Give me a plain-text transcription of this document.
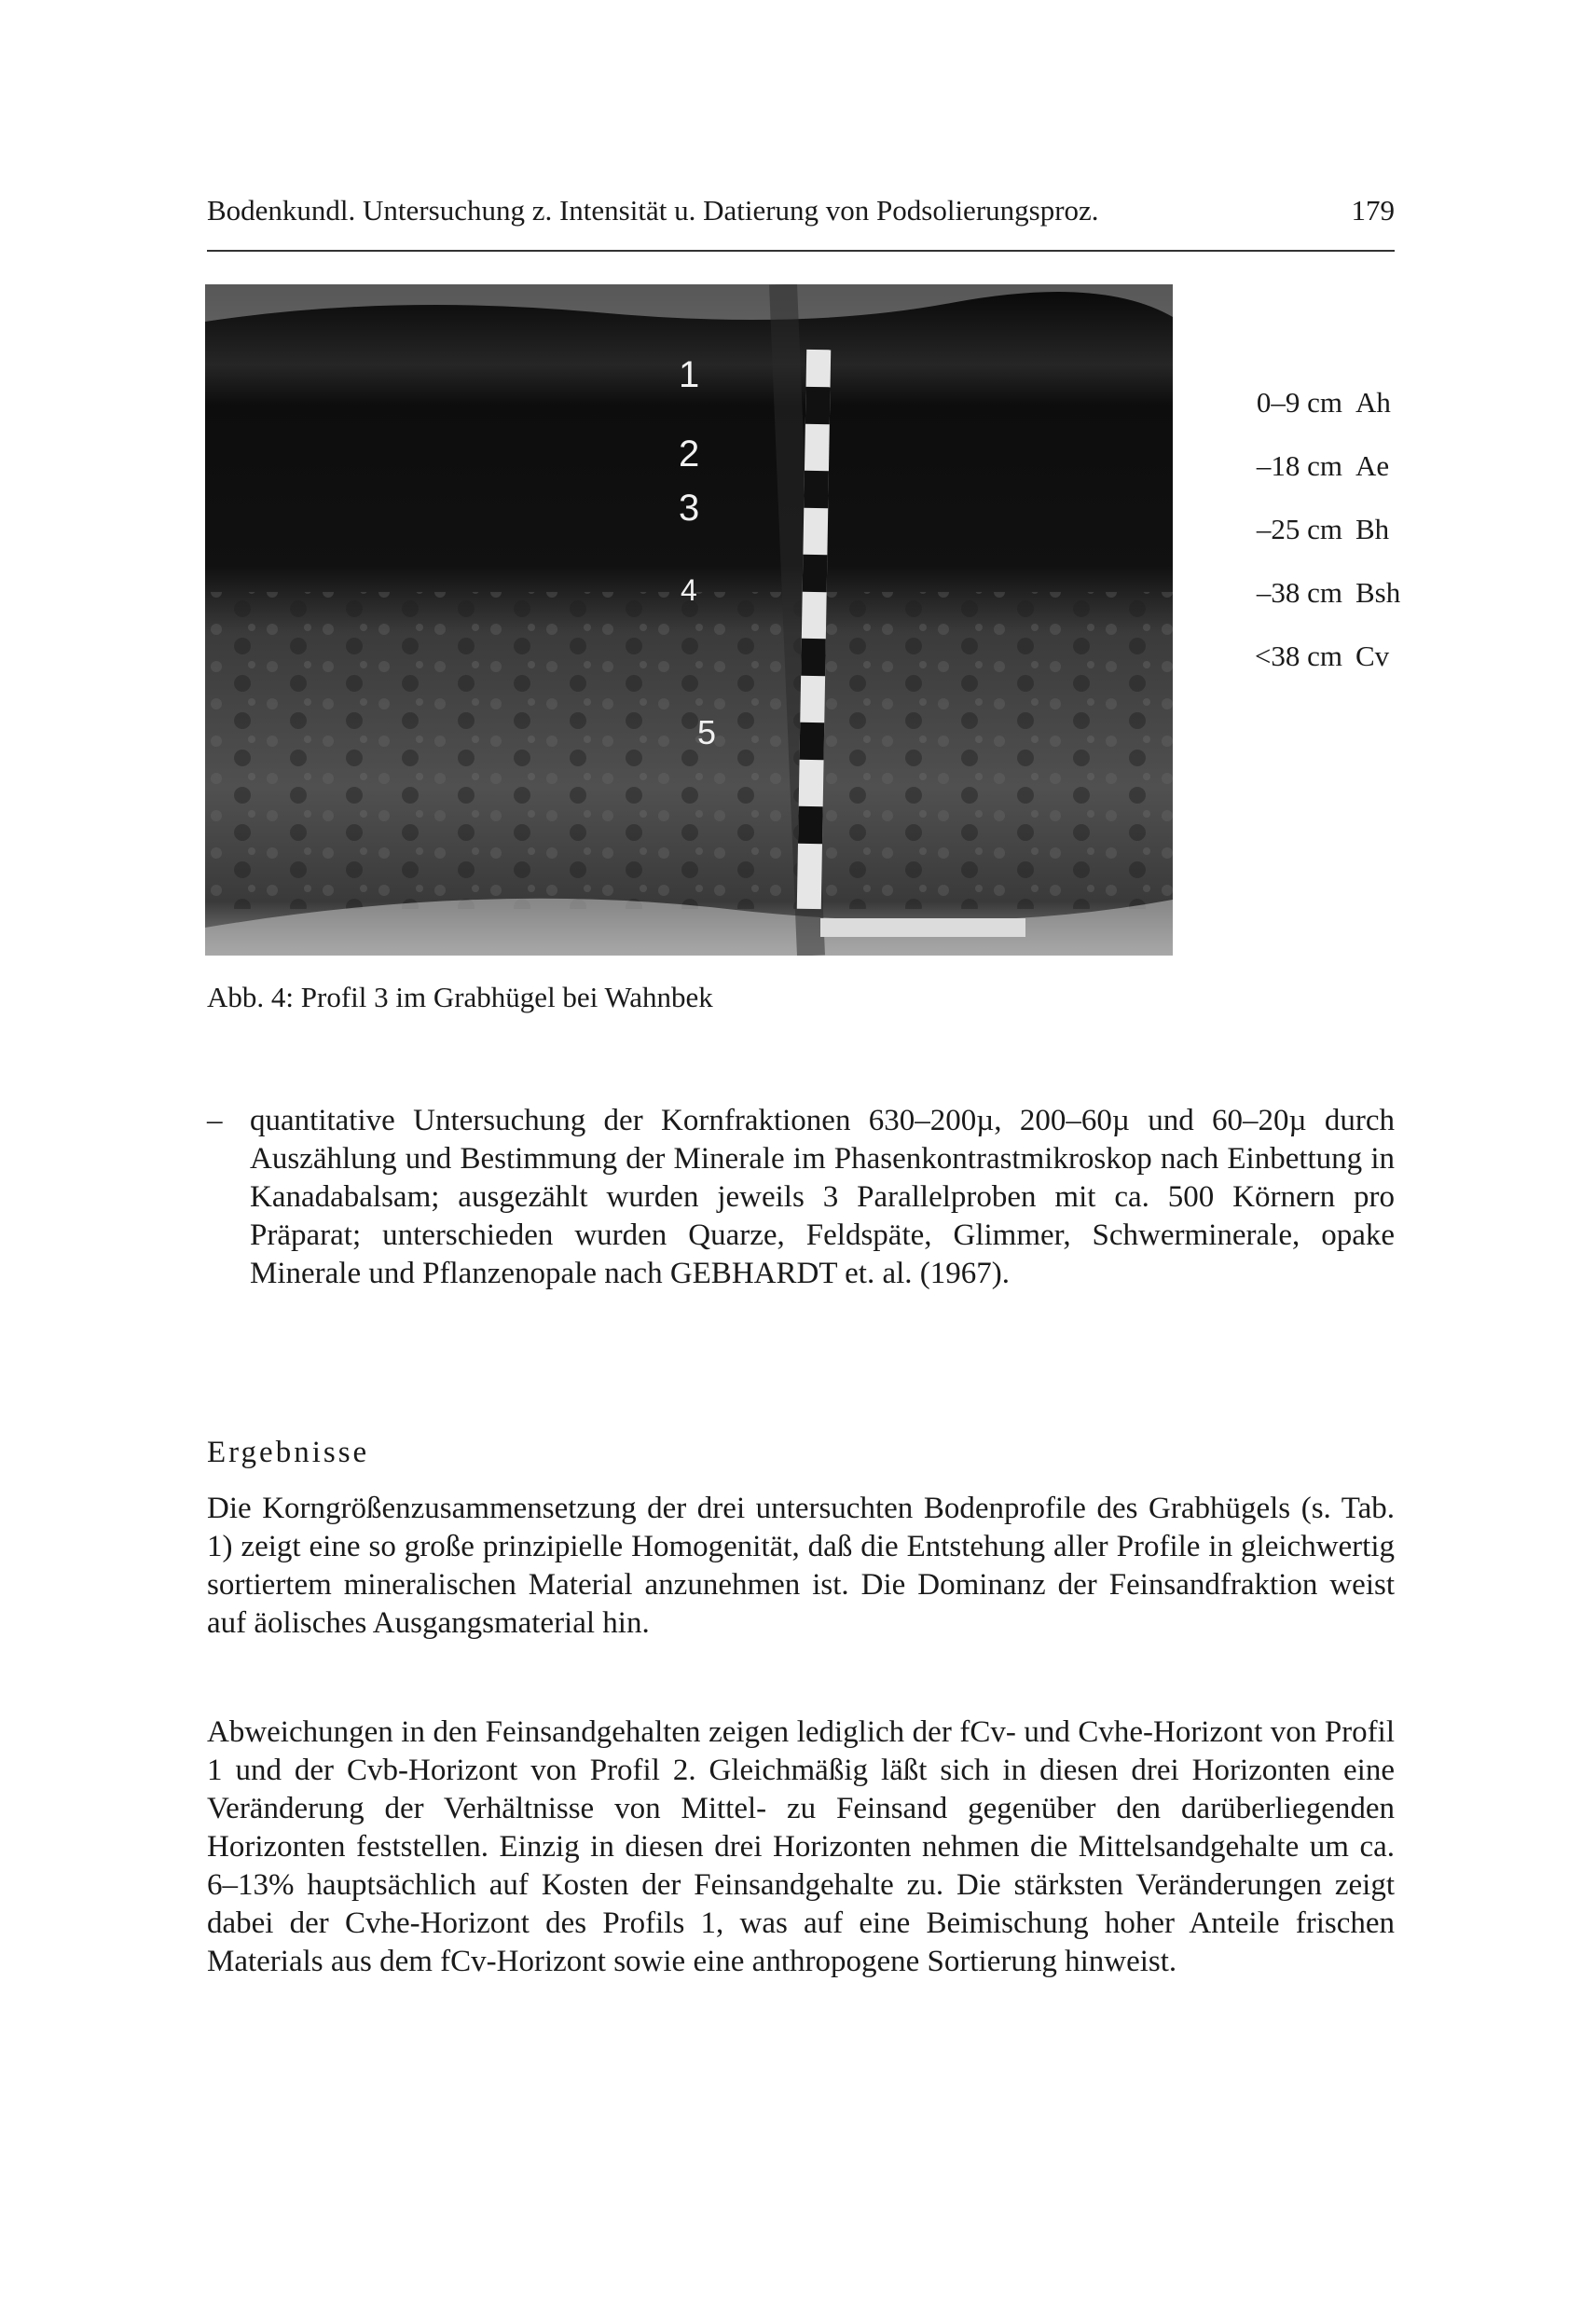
Bodenkundl. Untersuchung z. Intensität u. Datierung von Podsolierungsproz.	179
1
2
3
4
5
0–9 cm Ah
–18 cm Ae
–25 cm Bh
–38 cm Bsh
<38 cm Cv
Abb. 4: Profil 3 im Grabhügel bei Wahnbek
– quantitative Untersuchung der Kornfraktionen 630–200µ, 200–60µ und 60–20µ durch Auszählung und Bestimmung der Minerale im Phasenkontrastmikroskop nach Einbettung in Kanadabalsam; ausgezählt wurden jeweils 3 Parallelproben mit ca. 500 Körnern pro Präparat; unterschieden wurden Quarze, Feldspäte, Glimmer, Schwerminerale, opake Minerale und Pflanzenopale nach GEBHARDT et. al. (1967).
Ergebnisse

Die Korngrößenzusammensetzung der drei untersuchten Bodenprofile des Grabhügels (s. Tab. 1) zeigt eine so große prinzipielle Homogenität, daß die Entstehung aller Profile in gleichwertig sortiertem mineralischen Material anzunehmen ist. Die Dominanz der Feinsandfraktion weist auf äolisches Ausgangsmaterial hin.

Abweichungen in den Feinsandgehalten zeigen lediglich der fCv- und Cvhe-Horizont von Profil 1 und der Cvb-Horizont von Profil 2. Gleichmäßig läßt sich in diesen drei Horizonten eine Veränderung der Verhältnisse von Mittel- zu Feinsand gegenüber den darüberliegenden Horizonten feststellen. Einzig in diesen drei Horizonten nehmen die Mittelsandgehalte um ca. 6–13% hauptsächlich auf Kosten der Feinsandgehalte zu. Die stärksten Veränderungen zeigt dabei der Cvhe-Horizont des Profils 1, was auf eine Beimischung hoher Anteile frischen Materials aus dem fCv-Horizont sowie eine anthropogene Sortierung hinweist.
